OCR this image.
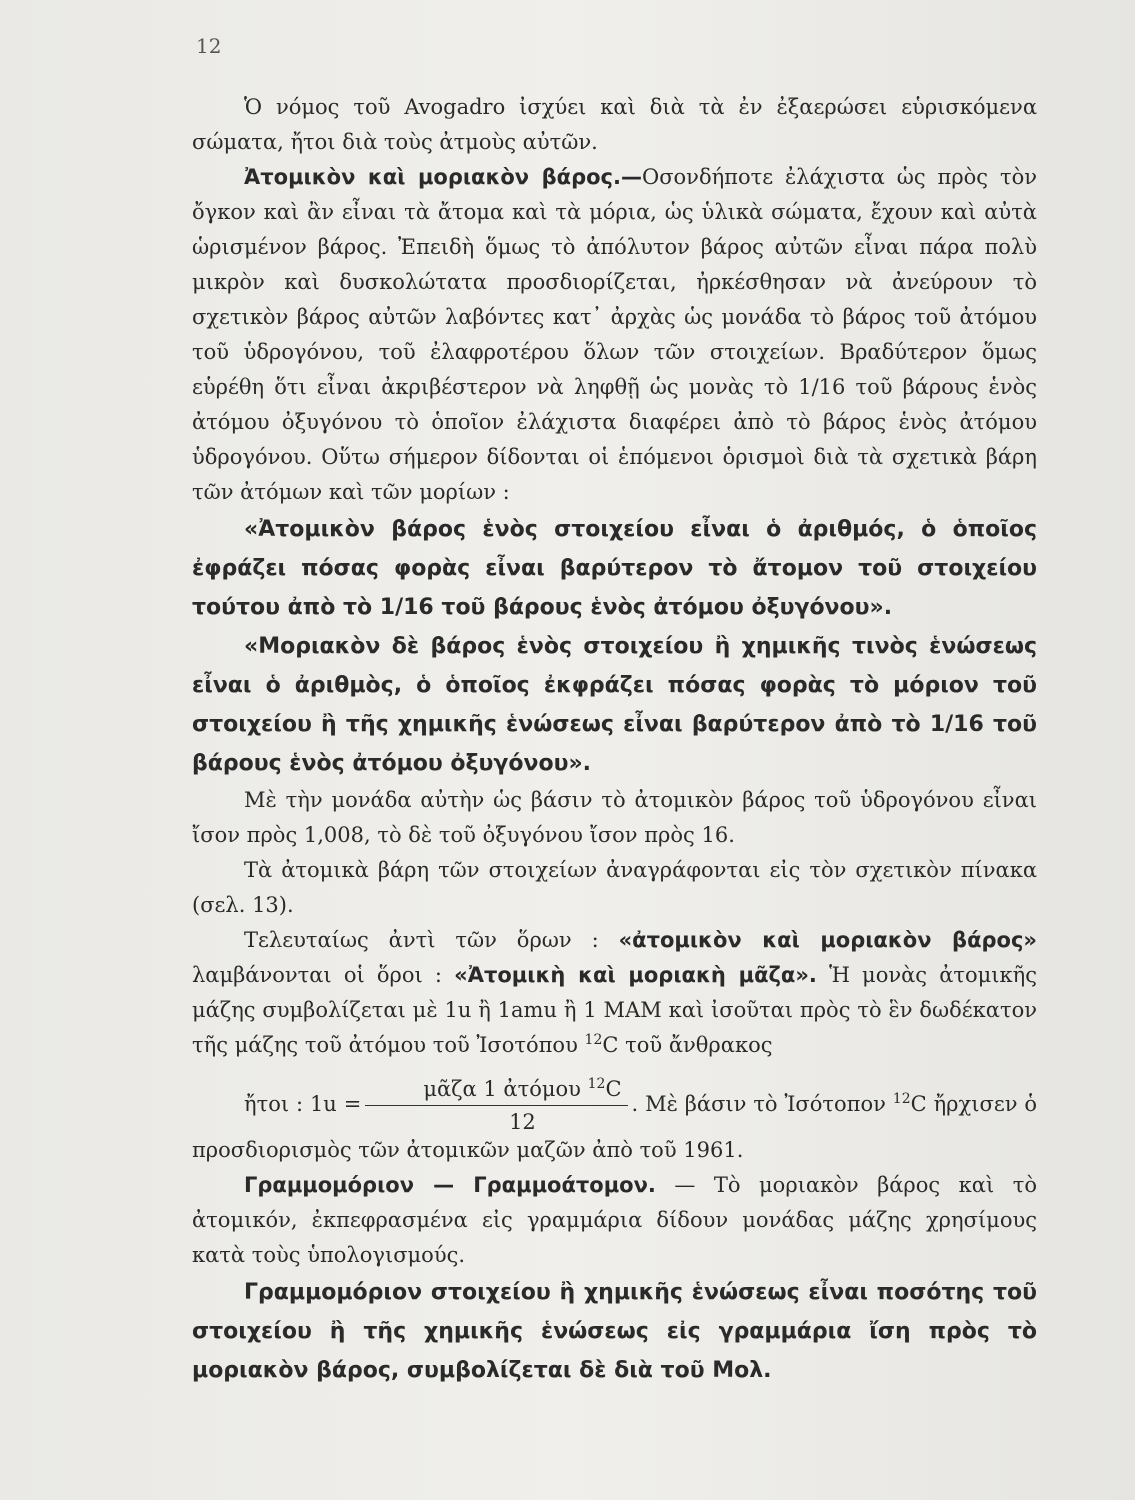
12

Ὁ νόμος τοῦ Avogadro ἰσχύει καὶ διὰ τὰ ἐν ἐξαερώσει εὑρισκόμενα σώματα, ἤτοι διὰ τοὺς ἀτμοὺς αὐτῶν.

Ἀτομικὸν καὶ μοριακὸν βάρος.—Οσονδήποτε ἐλάχιστα ὡς πρὸς τὸν ὄγκον καὶ ἂν εἶναι τὰ ἄτομα καὶ τὰ μόρια, ὡς ὑλικὰ σώματα, ἔχουν καὶ αὐτὰ ὡρισμένον βάρος. Ἐπειδὴ ὅμως τὸ ἀπόλυτον βάρος αὐτῶν εἶναι πάρα πολὺ μικρὸν καὶ δυσκολώτατα προσδιορίζεται, ἠρκέσθησαν νὰ ἀνεύρουν τὸ σχετικὸν βάρος αὐτῶν λαβόντες κατ᾽ ἀρχὰς ὡς μονάδα τὸ βάρος τοῦ ἀτόμου τοῦ ὑδρογόνου, τοῦ ἐλαφροτέρου ὅλων τῶν στοιχείων. Βραδύτερον ὅμως εὑρέθη ὅτι εἶναι ἀκριβέστερον νὰ ληφθῇ ὡς μονὰς τὸ 1/16 τοῦ βάρους ἑνὸς ἀτόμου ὀξυγόνου τὸ ὁποῖον ἐλάχιστα διαφέρει ἀπὸ τὸ βάρος ἑνὸς ἀτόμου ὑδρογόνου. Οὕτω σήμερον δίδονται οἱ ἑπόμενοι ὁρισμοὶ διὰ τὰ σχετικὰ βάρη τῶν ἀτόμων καὶ τῶν μορίων :

«Ἀτομικὸν βάρος ἑνὸς στοιχείου εἶναι ὁ ἀριθμός, ὁ ὁποῖος ἐφράζει πόσας φορὰς εἶναι βαρύτερον τὸ ἄτομον τοῦ στοιχείου τούτου ἀπὸ τὸ 1/16 τοῦ βάρους ἑνὸς ἀτόμου ὀξυγόνου».

«Μοριακὸν δὲ βάρος ἑνὸς στοιχείου ἢ χημικῆς τινὸς ἑνώσεως εἶναι ὁ ἀριθμὸς, ὁ ὁποῖος ἐκφράζει πόσας φορὰς τὸ μόριον τοῦ στοιχείου ἢ τῆς χημικῆς ἑνώσεως εἶναι βαρύτερον ἀπὸ τὸ 1/16 τοῦ βάρους ἑνὸς ἀτόμου ὀξυγόνου».

Μὲ τὴν μονάδα αὐτὴν ὡς βάσιν τὸ ἀτομικὸν βάρος τοῦ ὑδρογόνου εἶναι ἴσον πρὸς 1,008, τὸ δὲ τοῦ ὀξυγόνου ἴσον πρὸς 16.

Τὰ ἀτομικὰ βάρη τῶν στοιχείων ἀναγράφονται εἰς τὸν σχετικὸν πίνακα (σελ. 13).

Τελευταίως ἀντὶ τῶν ὅρων : «ἀτομικὸν καὶ μοριακὸν βάρος» λαμβάνονται οἱ ὅροι : «Ἀτομικὴ καὶ μοριακὴ μᾶζα». Ἡ μονὰς ἀτομικῆς μάζης συμβολίζεται μὲ 1u ἢ 1amu ἢ 1 ΜΑΜ καὶ ἰσοῦται πρὸς τὸ ἓν δωδέκατον τῆς μάζης τοῦ ἀτόμου τοῦ Ἰσοτόπου $^{12}$C τοῦ ἄνθρακος
ἤτοι : $1u = \frac{\mu ᾶ\zeta\alpha 1 ἀ\tau ό\mu o\upsilon ^{12}C}{12}$ . Μὲ βάσιν τὸ Ἰσότοπον $^{12}$C ἤρχισεν ὁ προσδιορισμὸς τῶν ἀτομικῶν μαζῶν ἀπὸ τοῦ 1961.

Γραμμομόριον — Γραμμοάτομον. — Τὸ μοριακὸν βάρος καὶ τὸ ἀτομικόν, ἐκπεφρασμένα εἰς γραμμάρια δίδουν μονάδας μάζης χρησίμους κατὰ τοὺς ὑπολογισμούς.

Γραμμομόριον στοιχείου ἢ χημικῆς ἑνώσεως εἶναι ποσότης τοῦ στοιχείου ἢ τῆς χημικῆς ἑνώσεως εἰς γραμμάρια ἴση πρὸς τὸ μοριακὸν βάρος, συμβολίζεται δὲ διὰ τοῦ Μολ.
